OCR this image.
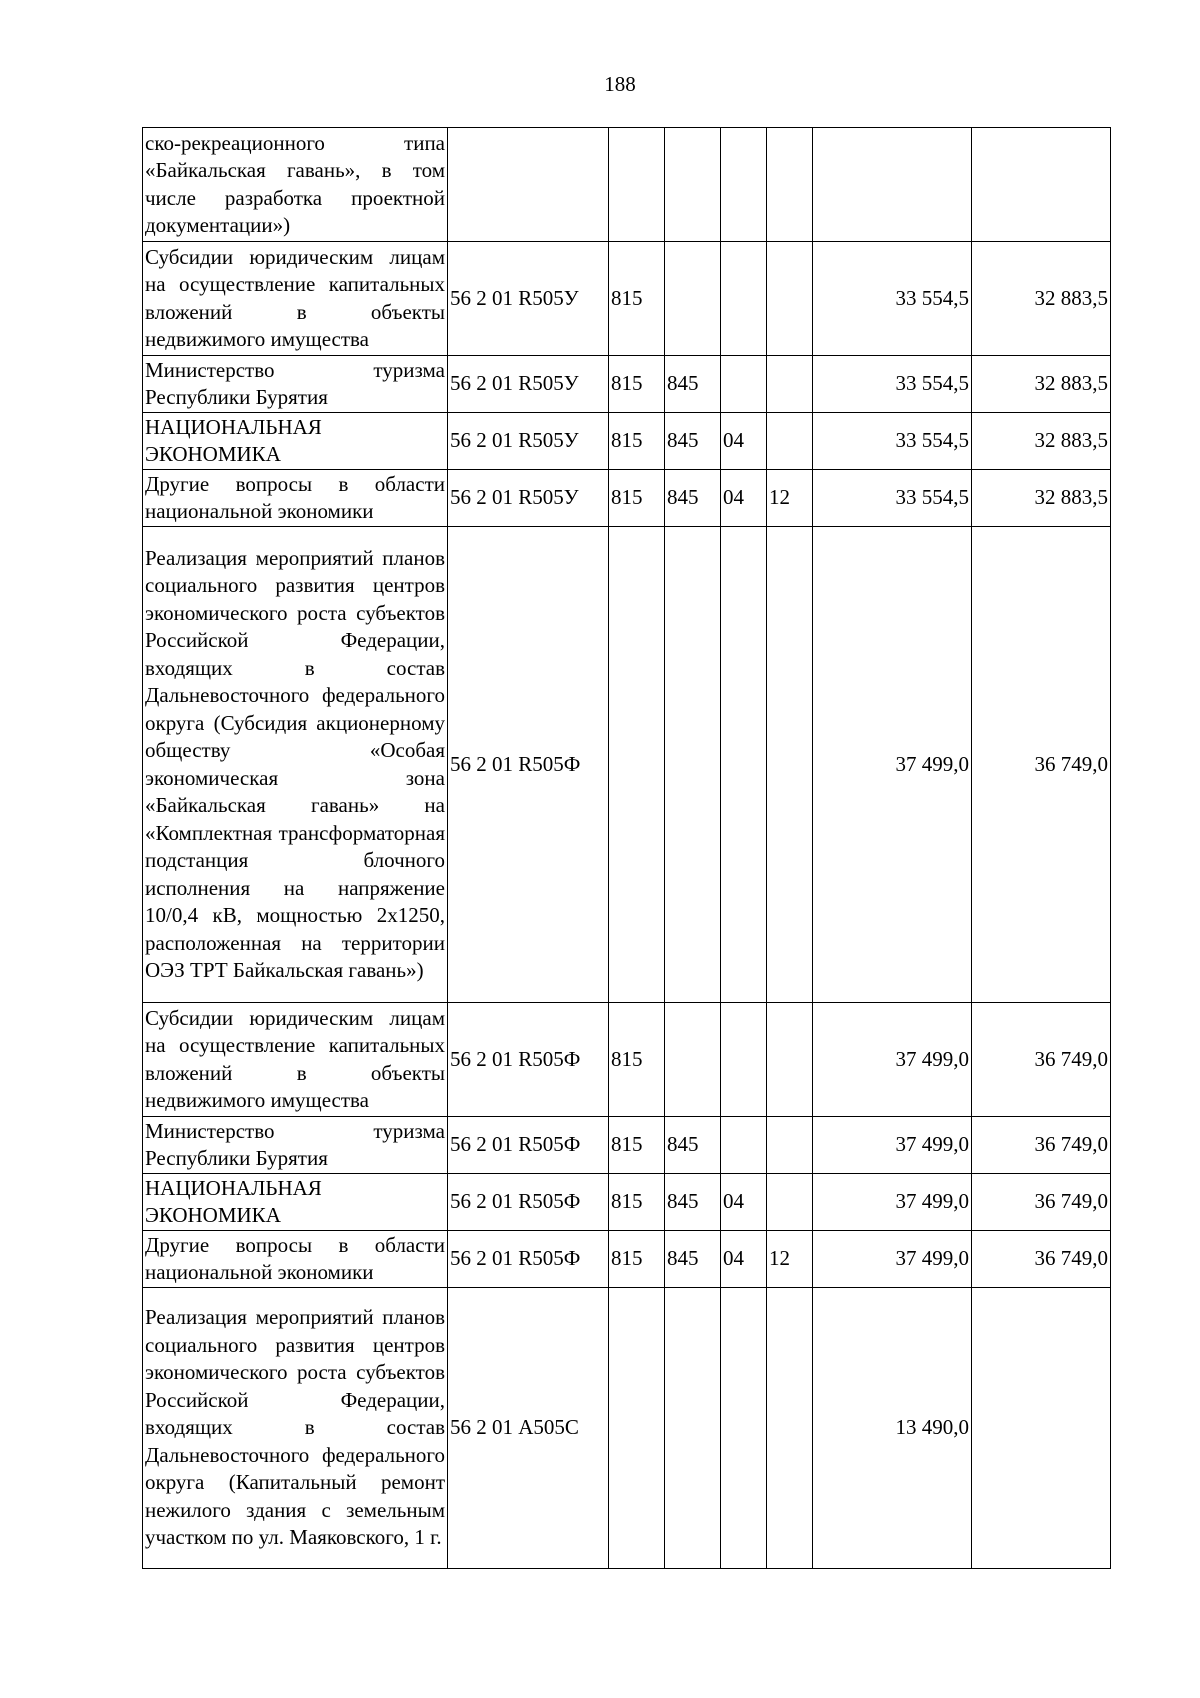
188
ско-рекреационного типа «Байкальская гавань», в том числе разработка проектной документации»)							
Субсидии юридическим лицам на осуществление капитальных вложений в объекты недвижимого имущества	56 2 01 R505У	815				33 554,5	32 883,5
Министерство туризма Республики Бурятия	56 2 01 R505У	815	845			33 554,5	32 883,5
НАЦИОНАЛЬНАЯ ЭКОНОМИКА	56 2 01 R505У	815	845	04		33 554,5	32 883,5
Другие вопросы в области национальной экономики	56 2 01 R505У	815	845	04	12	33 554,5	32 883,5
Реализация мероприятий планов социального развития центров экономического роста субъектов Российской Федерации, входящих в состав Дальневосточного федерального округа (Субсидия акционерному обществу «Особая экономическая зона «Байкальская гавань» на «Комплектная трансформаторная подстанция блочного исполнения на напряжение 10/0,4 кВ, мощностью 2х1250, расположенная на территории ОЭЗ ТРТ Байкальская гавань»)	56 2 01 R505Ф					37 499,0	36 749,0
Субсидии юридическим лицам на осуществление капитальных вложений в объекты недвижимого имущества	56 2 01 R505Ф	815				37 499,0	36 749,0
Министерство туризма Республики Бурятия	56 2 01 R505Ф	815	845			37 499,0	36 749,0
НАЦИОНАЛЬНАЯ ЭКОНОМИКА	56 2 01 R505Ф	815	845	04		37 499,0	36 749,0
Другие вопросы в области национальной экономики	56 2 01 R505Ф	815	845	04	12	37 499,0	36 749,0
Реализация мероприятий планов социального развития центров экономического роста субъектов Российской Федерации, входящих в состав Дальневосточного федерального округа (Капитальный ремонт нежилого здания с земельным участком по ул. Маяковского, 1 г.	56 2 01 А505С					13 490,0	
